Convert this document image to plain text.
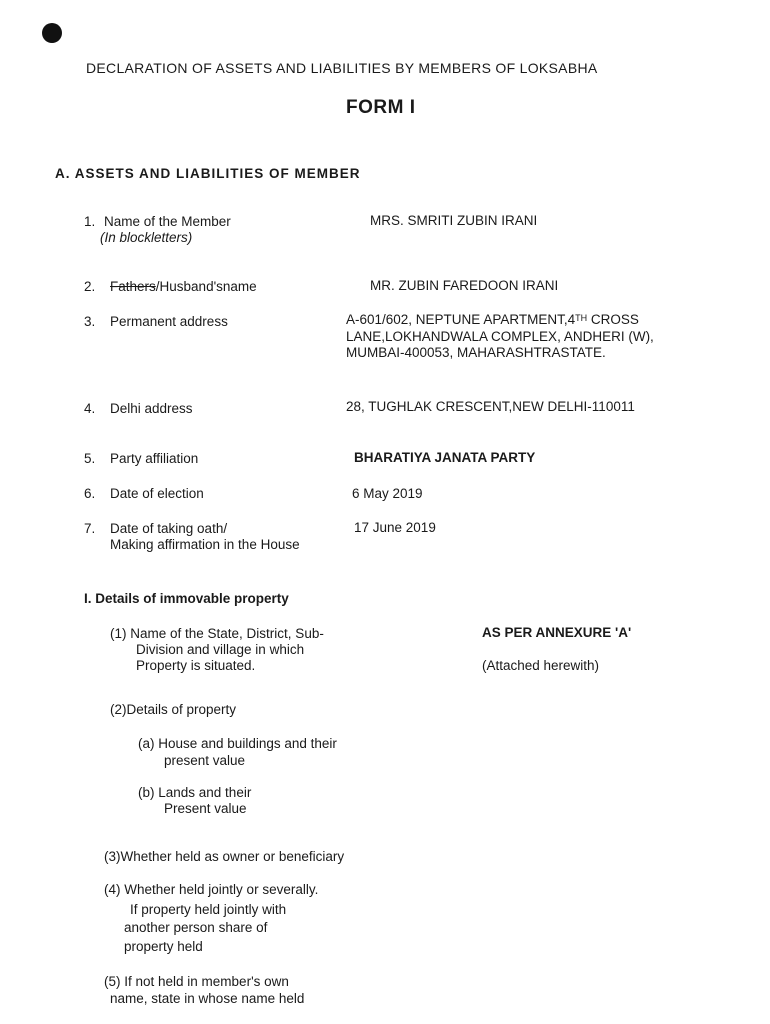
DECLARATION OF ASSETS AND LIABILITIES BY MEMBERS OF LOKSABHA
FORM I
A. ASSETS AND LIABILITIES OF MEMBER
1. Name of the Member
(In blockletters)
MRS. SMRITI ZUBIN IRANI
2. Fathers/Husband'sname	MR. ZUBIN FAREDOON IRANI
3. Permanent address	A-601/602, NEPTUNE APARTMENT,4TH CROSS
LANE,LOKHANDWALA COMPLEX, ANDHERI (W),
MUMBAI-400053, MAHARASHTRASTATE.
4. Delhi address	28, TUGHLAK CRESCENT,NEW DELHI-110011
5. Party affiliation	BHARATIYA JANATA PARTY
6. Date of election	6 May 2019
7. Date of taking oath/
Making affirmation in the House
17 June 2019
I. Details of immovable property
(1) Name of the State, District, Sub-
Division and village in which
Property is situated.
AS PER ANNEXURE 'A'
(Attached herewith)
(2)Details of property
(a) House and buildings and their
present value
(b) Lands and their
Present value
(3)Whether held as owner or beneficiary
(4) Whether held jointly or severally.
If property held jointly with
another person share of
property held
(5) If not held in member's own
name, state in whose name held
